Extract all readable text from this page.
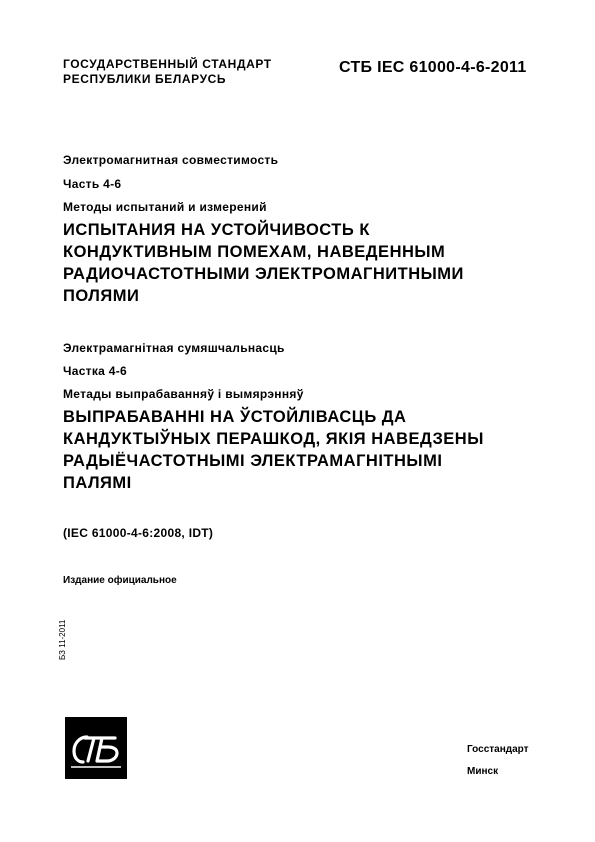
ГОСУДАРСТВЕННЫЙ СТАНДАРТ
РЕСПУБЛИКИ БЕЛАРУСЬ
СТБ IEC 61000-4-6-2011
Электромагнитная совместимость
Часть 4-6
Методы испытаний и измерений
ИСПЫТАНИЯ НА УСТОЙЧИВОСТЬ К
КОНДУКТИВНЫМ ПОМЕХАМ, НАВЕДЕННЫМ
РАДИОЧАСТОТНЫМИ ЭЛЕКТРОМАГНИТНЫМИ
ПОЛЯМИ
Электрамагнітная сумяшчальнасць
Частка 4-6
Метады выпрабаванняў і вымярэнняў
ВЫПРАБАВАННІ НА ЎСТОЙЛІВАСЦЬ ДА
КАНДУКТЫЎНЫХ ПЕРАШКОД, ЯКІЯ НАВЕДЗЕНЫ
РАДЫЁЧАСТОТНЫМІ ЭЛЕКТРАМАГНІТНЫМІ
ПАЛЯМІ
(IEC 61000-4-6:2008, IDT)
Издание официальное
БЗ 11-2011
Госстандарт
Минск
